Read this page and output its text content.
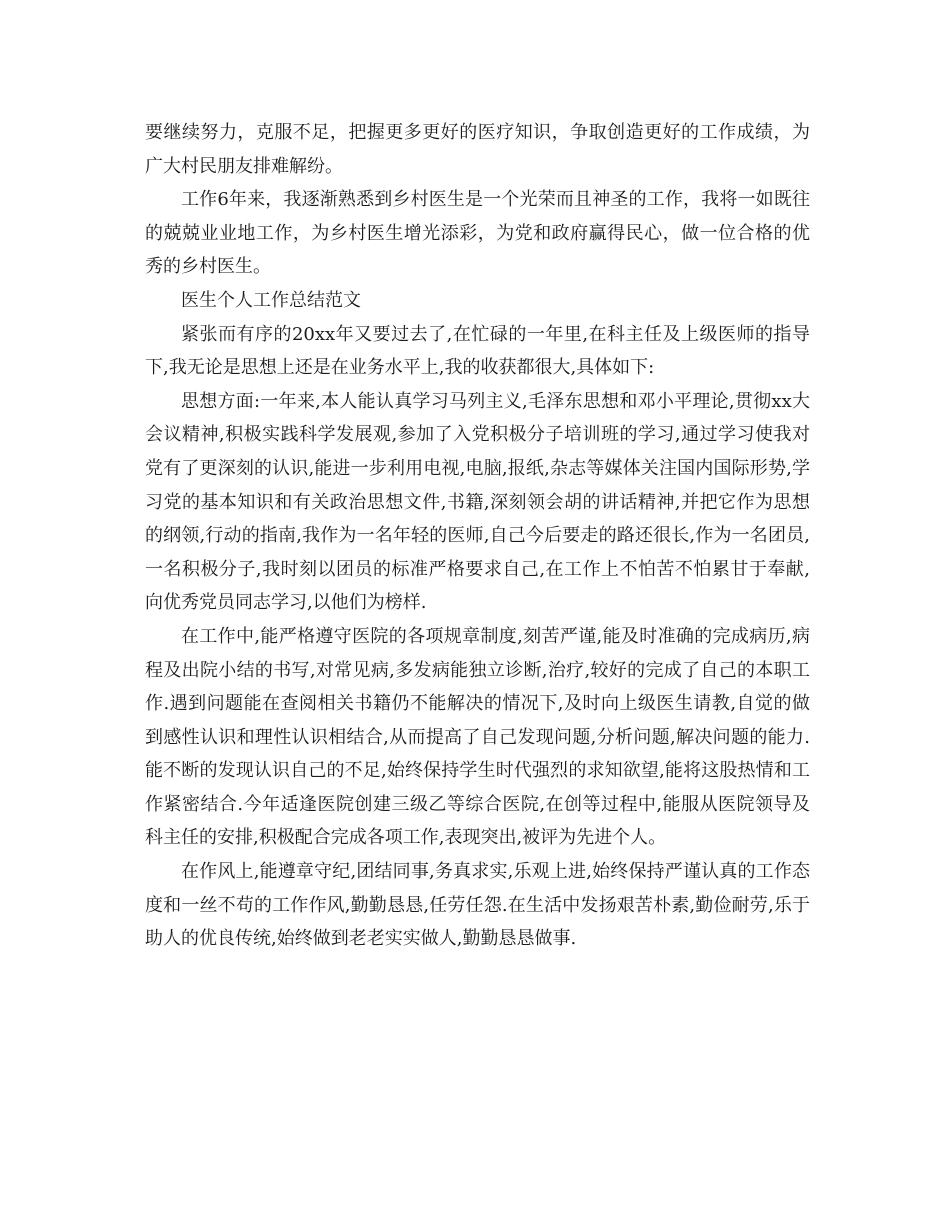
要继续努力，克服不足，把握更多更好的医疗知识，争取创造更好的工作成绩，为广大村民朋友排难解纷。

工作6年来，我逐渐熟悉到乡村医生是一个光荣而且神圣的工作，我将一如既往的兢兢业业地工作，为乡村医生增光添彩，为党和政府赢得民心，做一位合格的优秀的乡村医生。

医生个人工作总结范文

紧张而有序的20xx年又要过去了,在忙碌的一年里,在科主任及上级医师的指导下,我无论是思想上还是在业务水平上,我的收获都很大,具体如下:

思想方面:一年来,本人能认真学习马列主义,毛泽东思想和邓小平理论,贯彻xx大会议精神,积极实践科学发展观,参加了入党积极分子培训班的学习,通过学习使我对党有了更深刻的认识,能进一步利用电视,电脑,报纸,杂志等媒体关注国内国际形势,学习党的基本知识和有关政治思想文件,书籍,深刻领会胡的讲话精神,并把它作为思想的纲领,行动的指南,我作为一名年轻的医师,自己今后要走的路还很长,作为一名团员,一名积极分子,我时刻以团员的标准严格要求自己,在工作上不怕苦不怕累甘于奉献,向优秀党员同志学习,以他们为榜样.

在工作中,能严格遵守医院的各项规章制度,刻苦严谨,能及时准确的完成病历,病程及出院小结的书写,对常见病,多发病能独立诊断,治疗,较好的完成了自己的本职工作.遇到问题能在查阅相关书籍仍不能解决的情况下,及时向上级医生请教,自觉的做到感性认识和理性认识相结合,从而提高了自己发现问题,分析问题,解决问题的能力.能不断的发现认识自己的不足,始终保持学生时代强烈的求知欲望,能将这股热情和工作紧密结合.今年适逢医院创建三级乙等综合医院,在创等过程中,能服从医院领导及科主任的安排,积极配合完成各项工作,表现突出,被评为先进个人。

在作风上,能遵章守纪,团结同事,务真求实,乐观上进,始终保持严谨认真的工作态度和一丝不苟的工作作风,勤勤恳恳,任劳任怨.在生活中发扬艰苦朴素,勤俭耐劳,乐于助人的优良传统,始终做到老老实实做人,勤勤恳恳做事.
